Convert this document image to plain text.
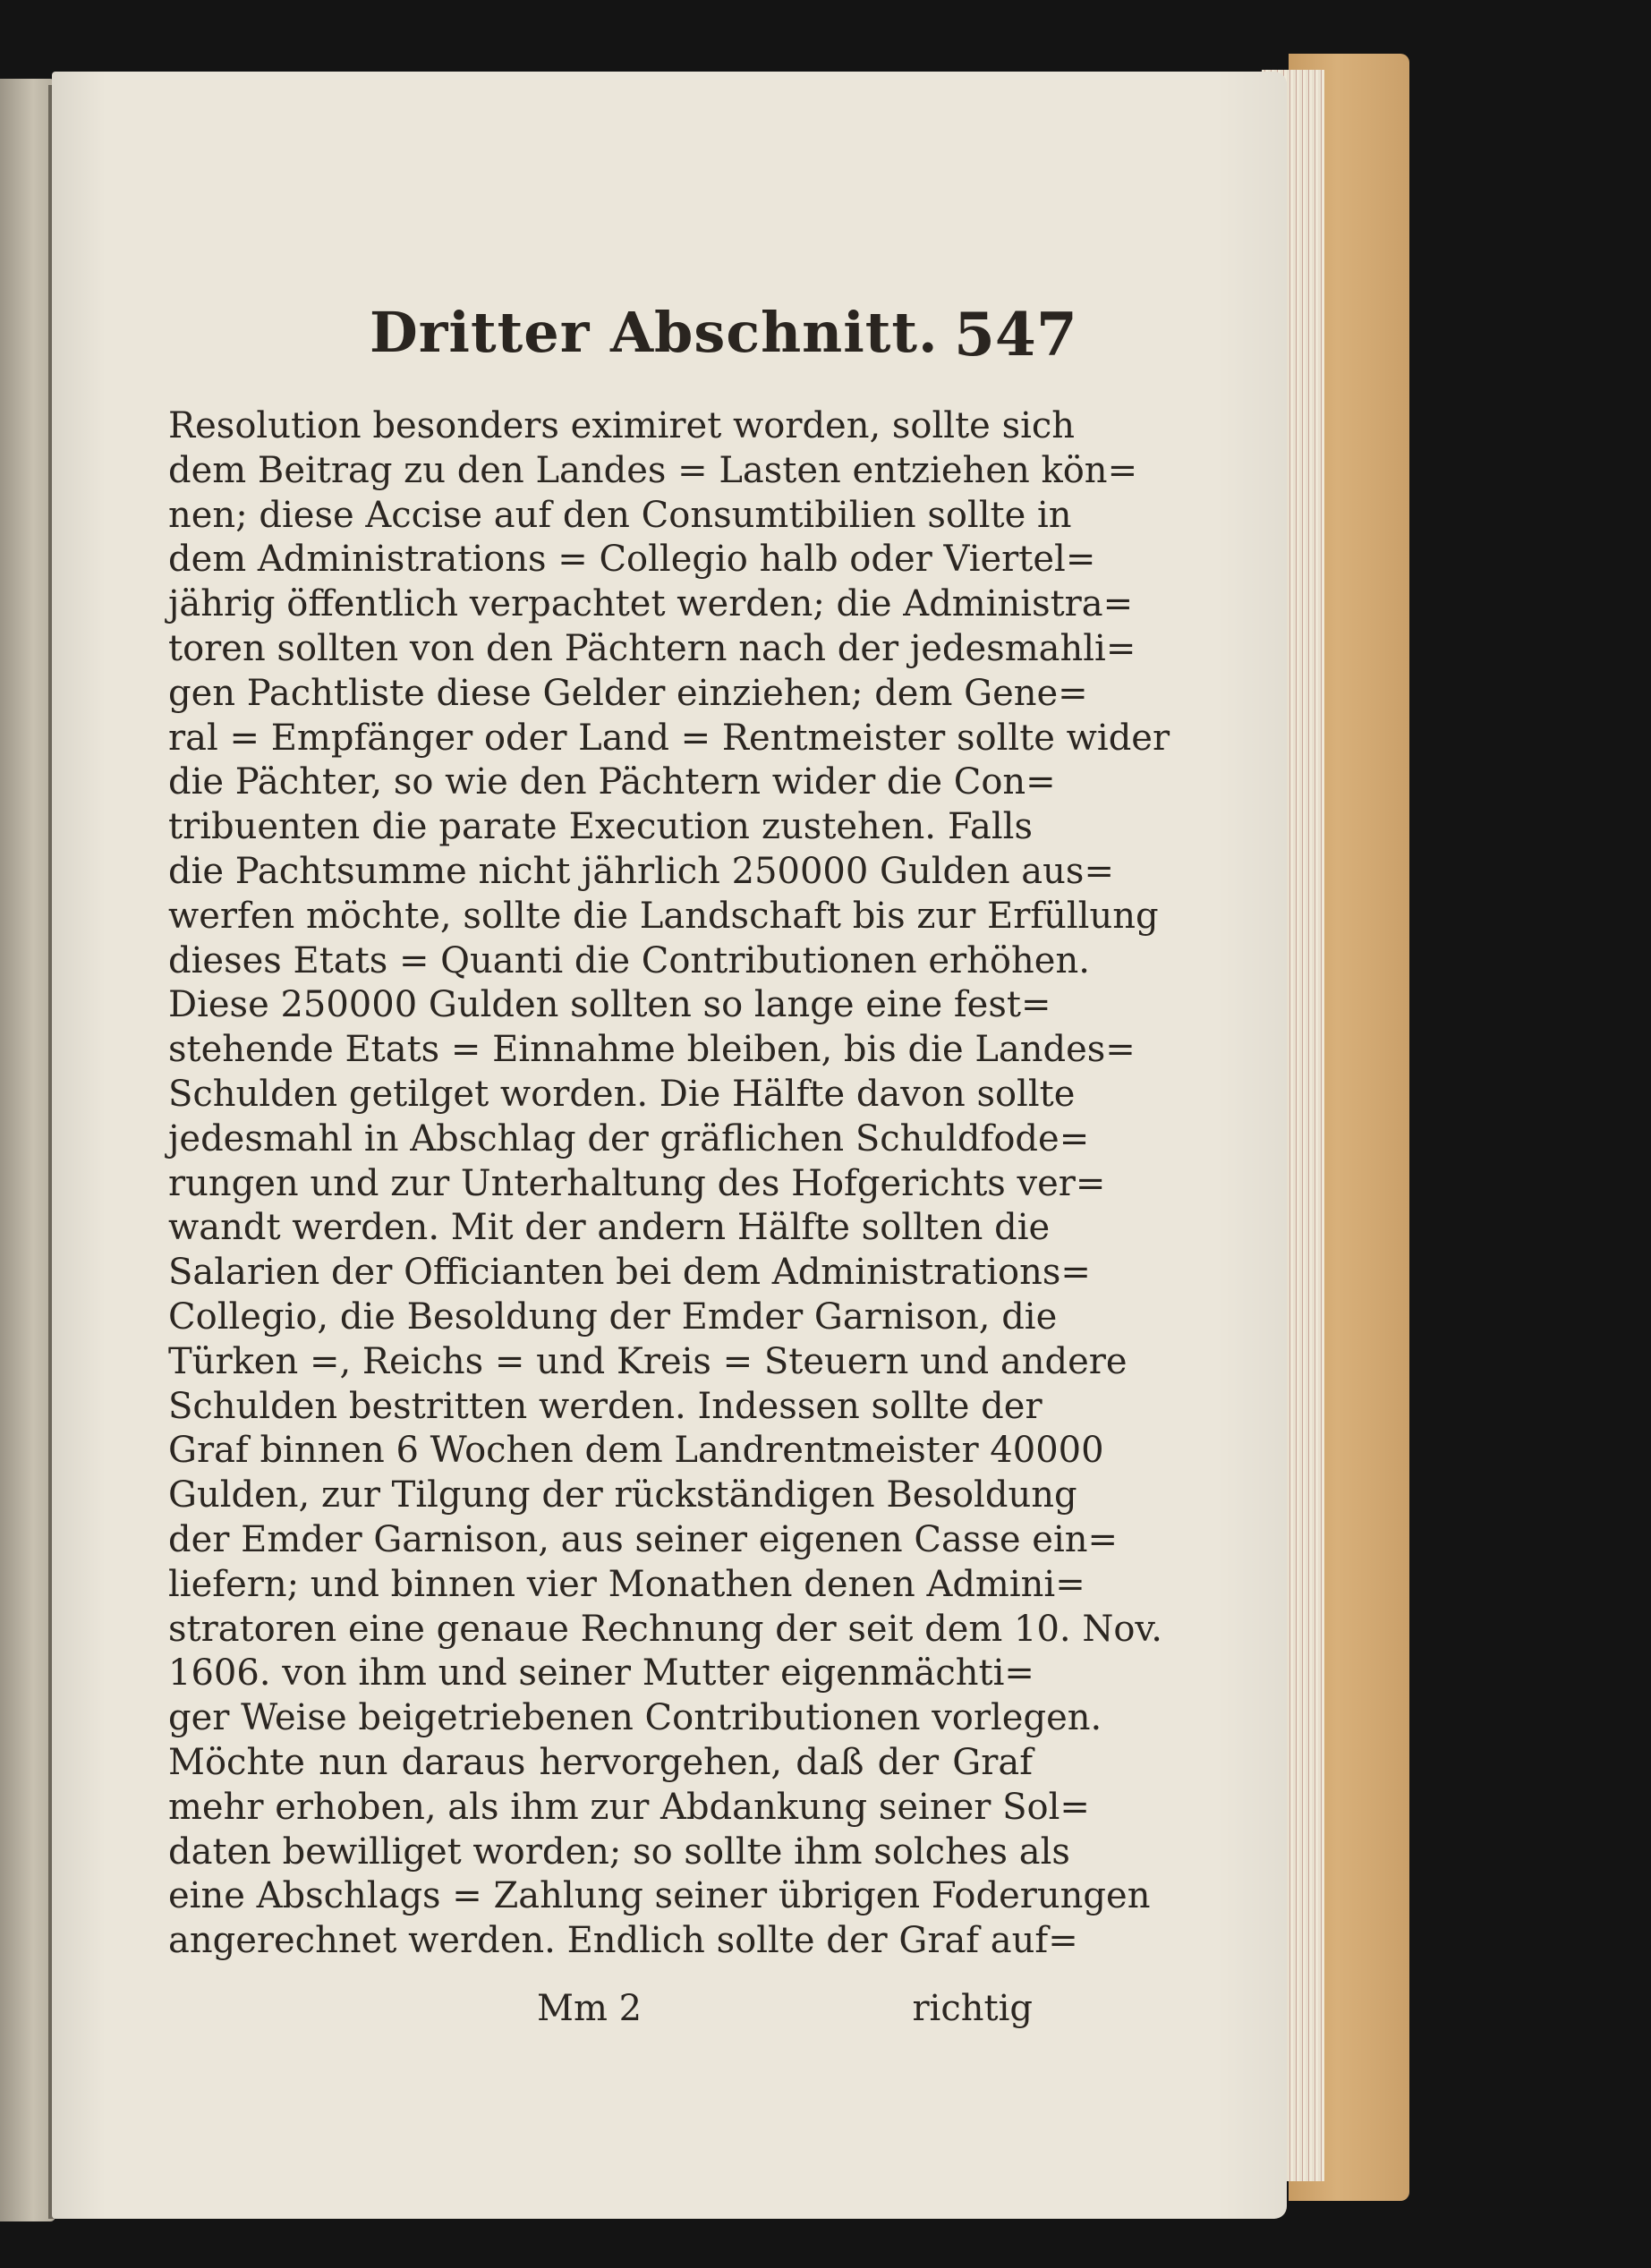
Dritter Abschnitt. 547
Resolution besonders eximiret worden, sollte sich
dem Beitrag zu den Landes = Lasten entziehen kön=
nen; diese Accise auf den Consumtibilien sollte in
dem Administrations = Collegio halb oder Viertel=
jährig öffentlich verpachtet werden; die Administra=
toren sollten von den Pächtern nach der jedesmahli=
gen Pachtliste diese Gelder einziehen; dem Gene=
ral = Empfänger oder Land = Rentmeister sollte wider
die Pächter, so wie den Pächtern wider die Con=
tribuenten die parate Execution zustehen. Falls
die Pachtsumme nicht jährlich 250000 Gulden aus=
werfen möchte, sollte die Landschaft bis zur Erfüllung
dieses Etats = Quanti die Contributionen erhöhen.
Diese 250000 Gulden sollten so lange eine fest=
stehende Etats = Einnahme bleiben, bis die Landes=
Schulden getilget worden. Die Hälfte davon sollte
jedesmahl in Abschlag der gräflichen Schuldfode=
rungen und zur Unterhaltung des Hofgerichts ver=
wandt werden. Mit der andern Hälfte sollten die
Salarien der Officianten bei dem Administrations=
Collegio, die Besoldung der Emder Garnison, die
Türken =, Reichs = und Kreis = Steuern und andere
Schulden bestritten werden. Indessen sollte der
Graf binnen 6 Wochen dem Landrentmeister 40000
Gulden, zur Tilgung der rückständigen Besoldung
der Emder Garnison, aus seiner eigenen Casse ein=
liefern; und binnen vier Monathen denen Admini=
stratoren eine genaue Rechnung der seit dem 10. Nov.
1606. von ihm und seiner Mutter eigenmächti=
ger Weise beigetriebenen Contributionen vorlegen.
Möchte nun daraus hervorgehen, daß der Graf
mehr erhoben, als ihm zur Abdankung seiner Sol=
daten bewilliget worden; so sollte ihm solches als
eine Abschlags = Zahlung seiner übrigen Foderungen
angerechnet werden. Endlich sollte der Graf auf=
Mm 2	richtig
